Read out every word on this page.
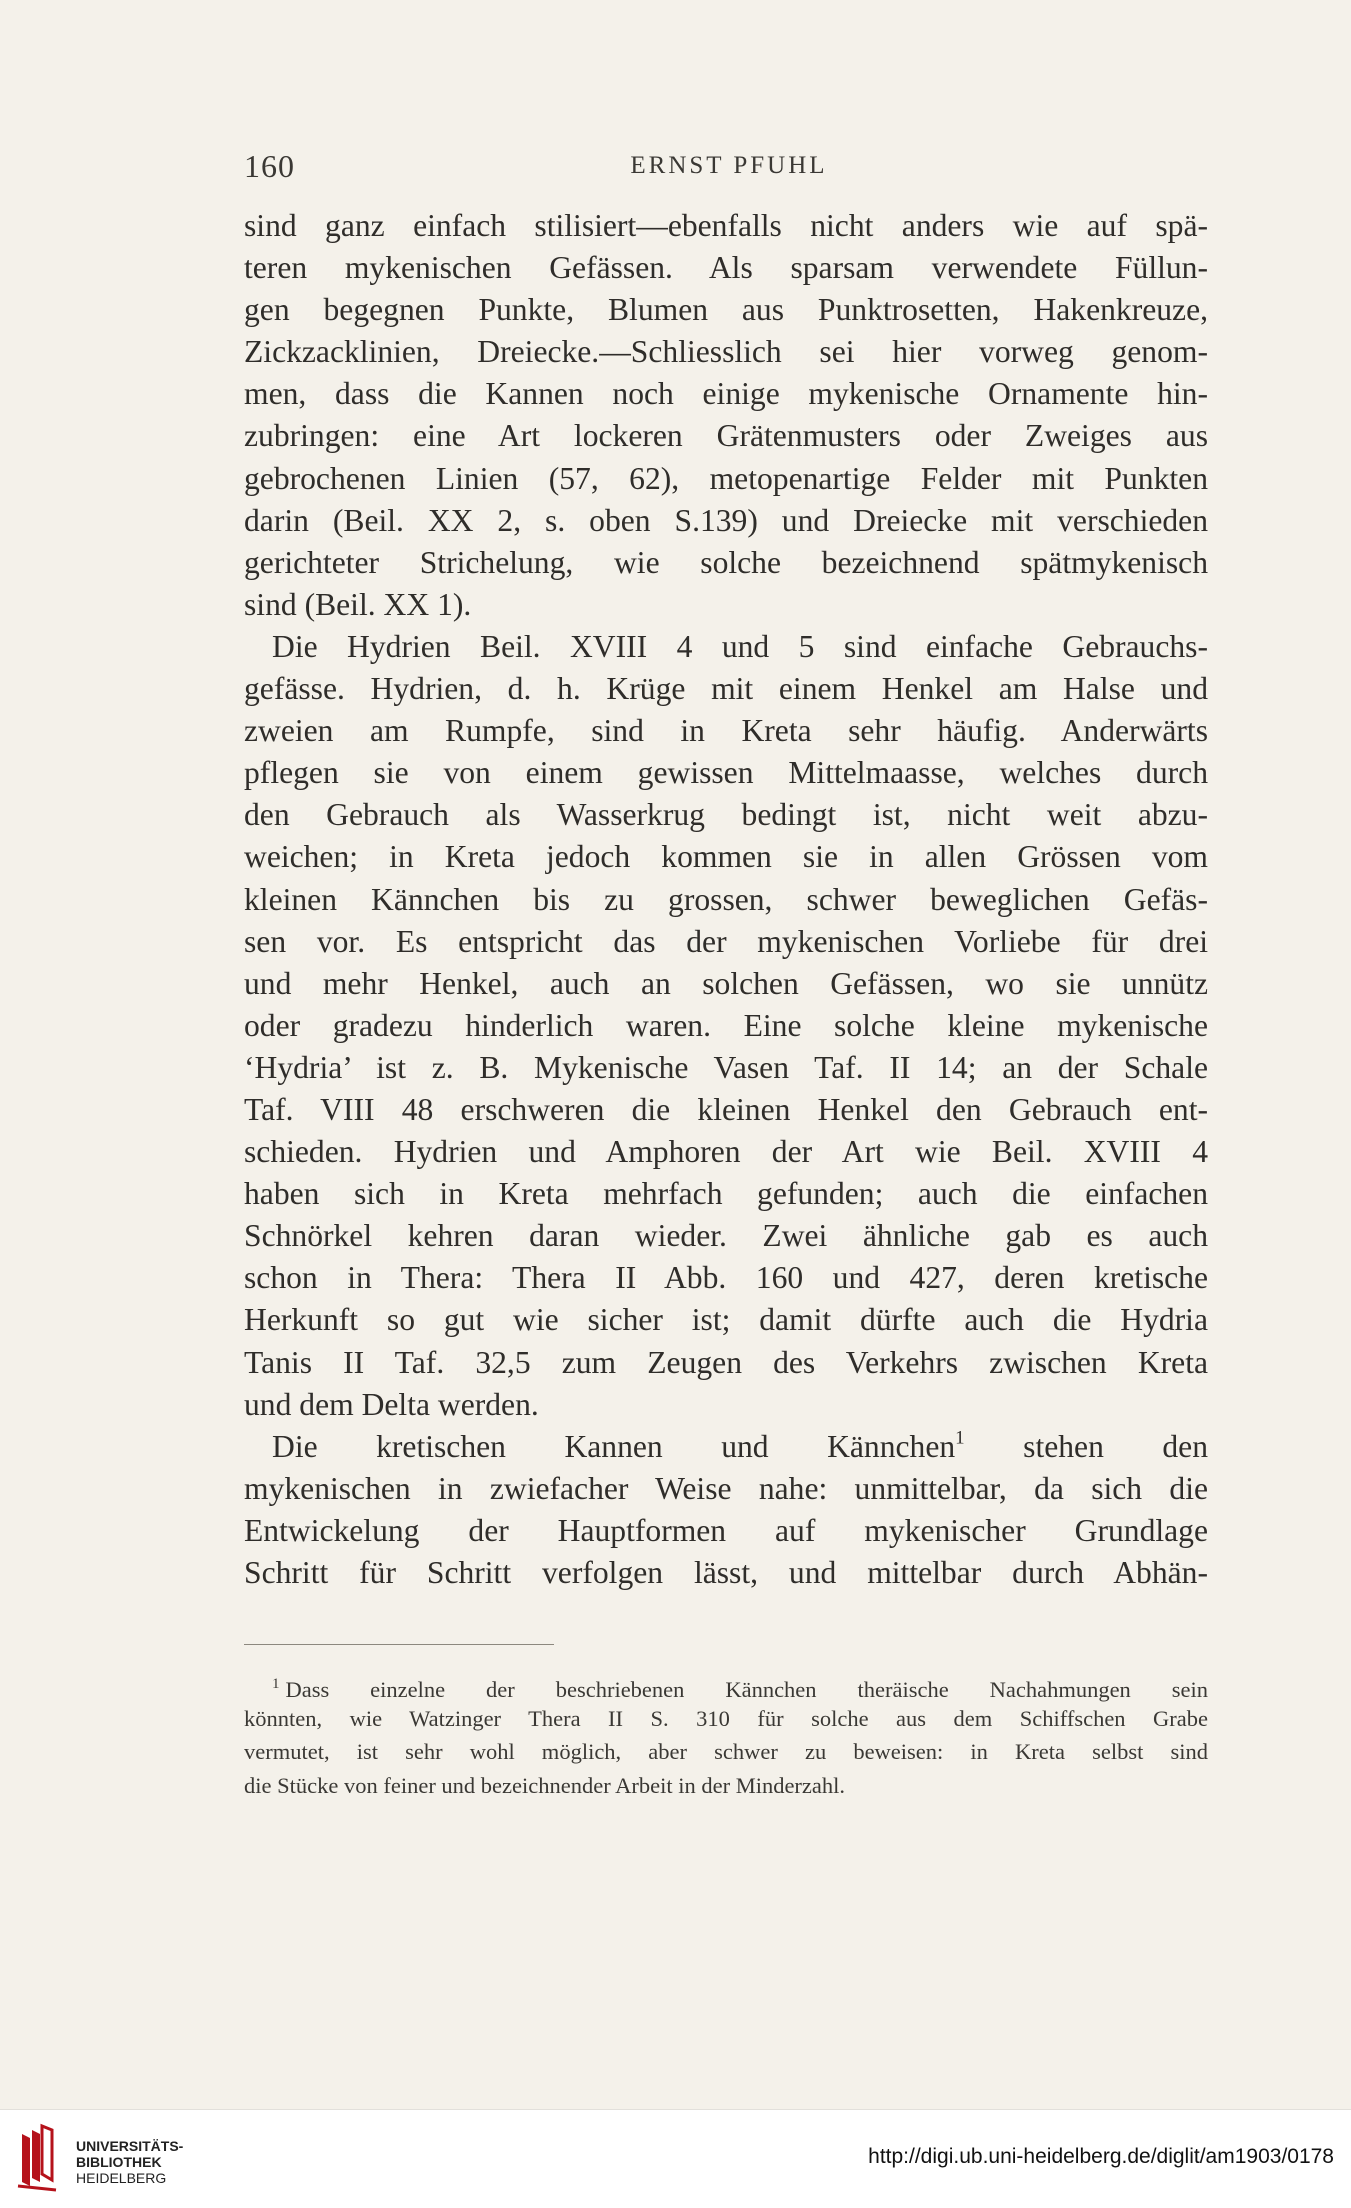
160	ERNST PFUHL
sind ganz einfach stilisiert—ebenfalls nicht anders wie auf spä-
teren mykenischen Gefässen. Als sparsam verwendete Füllun-
gen begegnen Punkte, Blumen aus Punktrosetten, Hakenkreuze,
Zickzacklinien, Dreiecke.—Schliesslich sei hier vorweg genom-
men, dass die Kannen noch einige mykenische Ornamente hin-
zubringen: eine Art lockeren Grätenmusters oder Zweiges aus
gebrochenen Linien (57, 62), metopenartige Felder mit Punkten
darin (Beil. XX 2, s. oben S.139) und Dreiecke mit verschieden
gerichteter Strichelung, wie solche bezeichnend spätmykenisch
sind (Beil. XX 1).
Die Hydrien Beil. XVIII 4 und 5 sind einfache Gebrauchs-
gefässe. Hydrien, d. h. Krüge mit einem Henkel am Halse und
zweien am Rumpfe, sind in Kreta sehr häufig. Anderwärts
pflegen sie von einem gewissen Mittelmaasse, welches durch
den Gebrauch als Wasserkrug bedingt ist, nicht weit abzu-
weichen; in Kreta jedoch kommen sie in allen Grössen vom
kleinen Kännchen bis zu grossen, schwer beweglichen Gefäs-
sen vor. Es entspricht das der mykenischen Vorliebe für drei
und mehr Henkel, auch an solchen Gefässen, wo sie unnütz
oder gradezu hinderlich waren. Eine solche kleine mykenische
‘Hydria’ ist z. B. Mykenische Vasen Taf. II 14; an der Schale
Taf. VIII 48 erschweren die kleinen Henkel den Gebrauch ent-
schieden. Hydrien und Amphoren der Art wie Beil. XVIII 4
haben sich in Kreta mehrfach gefunden; auch die einfachen
Schnörkel kehren daran wieder. Zwei ähnliche gab es auch
schon in Thera: Thera II Abb. 160 und 427, deren kretische
Herkunft so gut wie sicher ist; damit dürfte auch die Hydria
Tanis II Taf. 32,5 zum Zeugen des Verkehrs zwischen Kreta
und dem Delta werden.
Die kretischen Kannen und Kännchen$^1$ stehen den
mykenischen in zwiefacher Weise nahe: unmittelbar, da sich die
Entwickelung der Hauptformen auf mykenischer Grundlage
Schritt für Schritt verfolgen lässt, und mittelbar durch Abhän-
$^1$ Dass einzelne der beschriebenen Kännchen theräische Nachahmungen sein
könnten, wie Watzinger Thera II S. 310 für solche aus dem Schiffschen Grabe
vermutet, ist sehr wohl möglich, aber schwer zu beweisen: in Kreta selbst sind
die Stücke von feiner und bezeichnender Arbeit in der Minderzahl.
UNIVERSITÄTS-
BIBLIOTHEK
HEIDELBERG
http://digi.ub.uni-heidelberg.de/diglit/am1903/0178
